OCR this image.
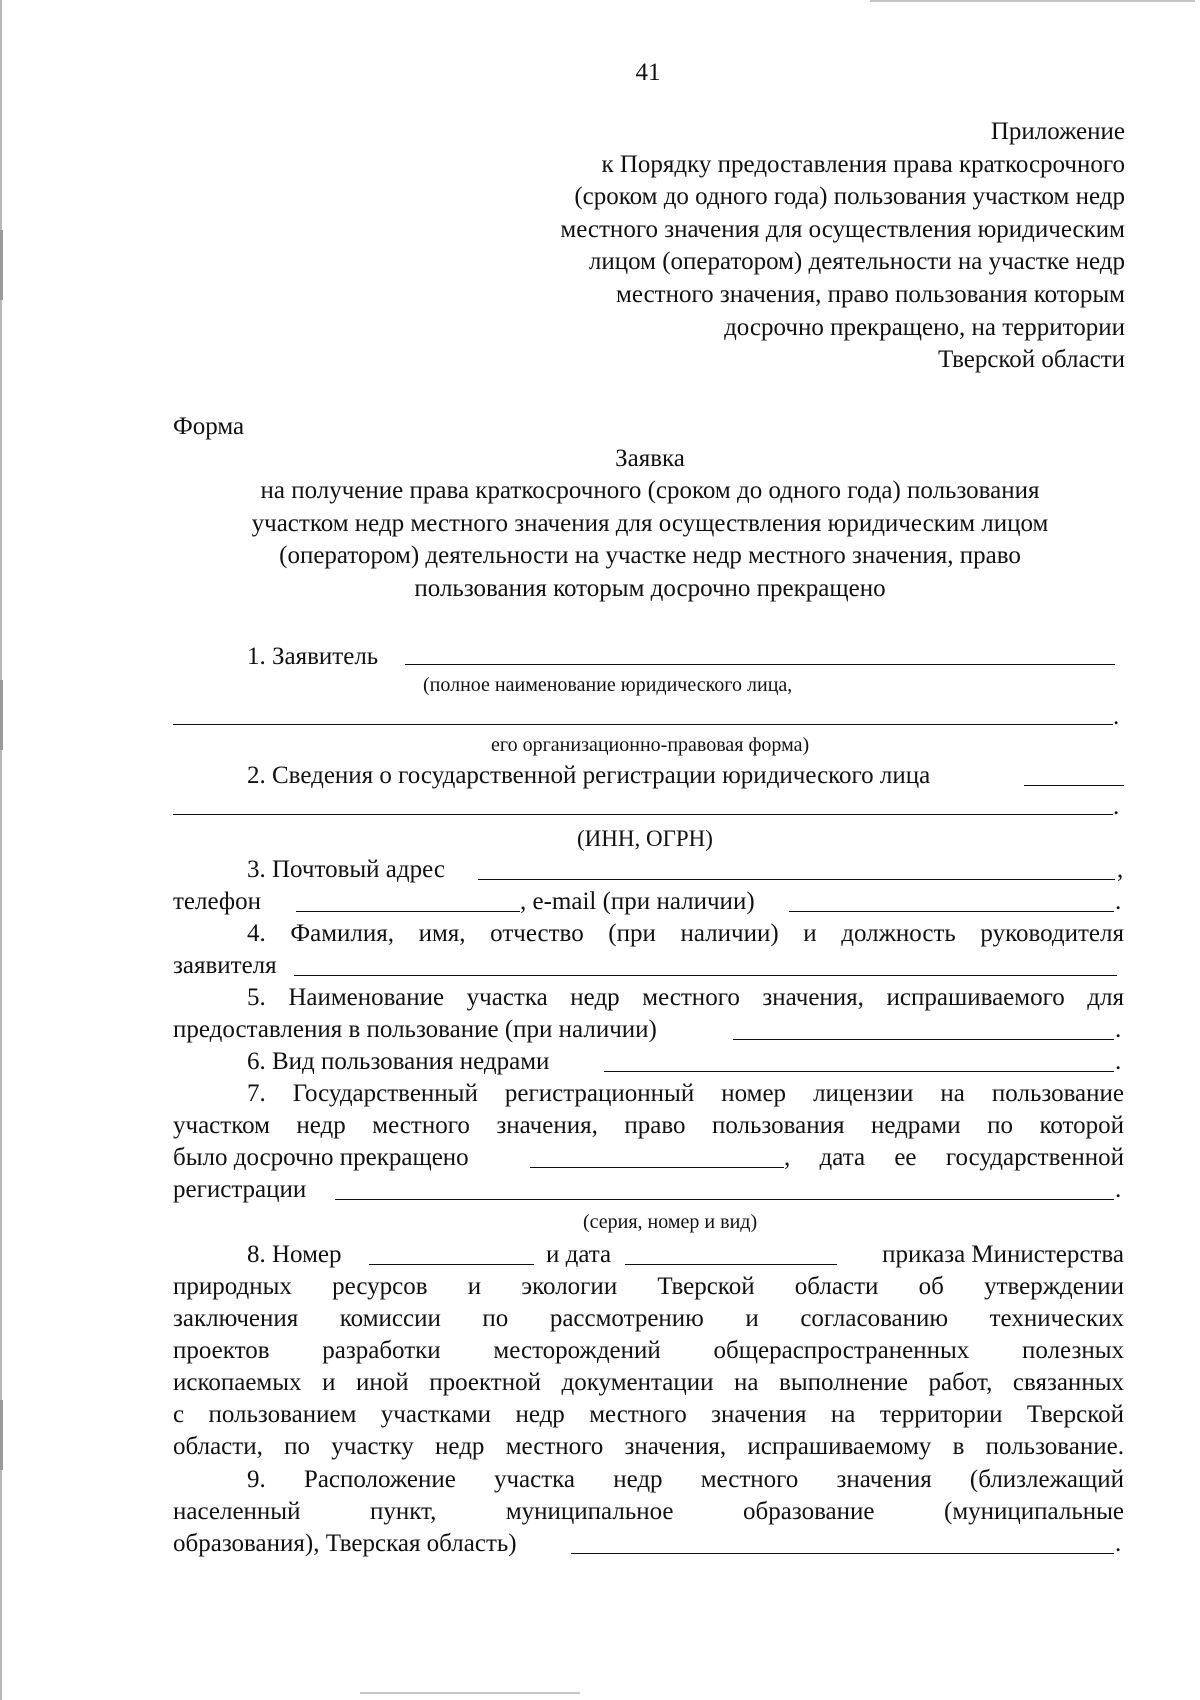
41
Приложение
к Порядку предоставления права краткосрочного
(сроком до одного года) пользования участком недр
местного значения для осуществления юридическим
лицом (оператором) деятельности на участке недр
местного значения, право пользования которым
досрочно прекращено, на территории
Тверской области
Форма
Заявка
на получение права краткосрочного (сроком до одного года) пользования
участком недр местного значения для осуществления юридическим лицом
(оператором) деятельности на участке недр местного значения, право
пользования которым досрочно прекращено
1. Заявитель
(полное наименование юридического лица,
.
его организационно-правовая форма)
2. Сведения о государственной регистрации юридического лица
.
(ИНН, ОГРН)
3. Почтовый адрес	,
телефон	, e-mail (при наличии)	.
4. Фамилия, имя, отчество (при наличии) и должность руководителя
заявителя
5. Наименование участка недр местного значения, испрашиваемого для
предоставления в пользование (при наличии)	.
6. Вид пользования недрами	.
7. Государственный регистрационный номер лицензии на пользование
участком недр местного значения, право пользования недрами по которой
было досрочно прекращено	, дата ее государственной
регистрации	.
(серия, номер и вид)
8. Номер	и дата	приказа Министерства
природных ресурсов и экологии Тверской области об утверждении
заключения комиссии по рассмотрению и согласованию технических
проектов разработки месторождений общераспространенных полезных
ископаемых и иной проектной документации на выполнение работ, связанных
с пользованием участками недр местного значения на территории Тверской
области, по участку недр местного значения, испрашиваемому в пользование.
9. Расположение участка недр местного значения (близлежащий
населенный пункт, муниципальное образование (муниципальные
образования), Тверская область)	.
